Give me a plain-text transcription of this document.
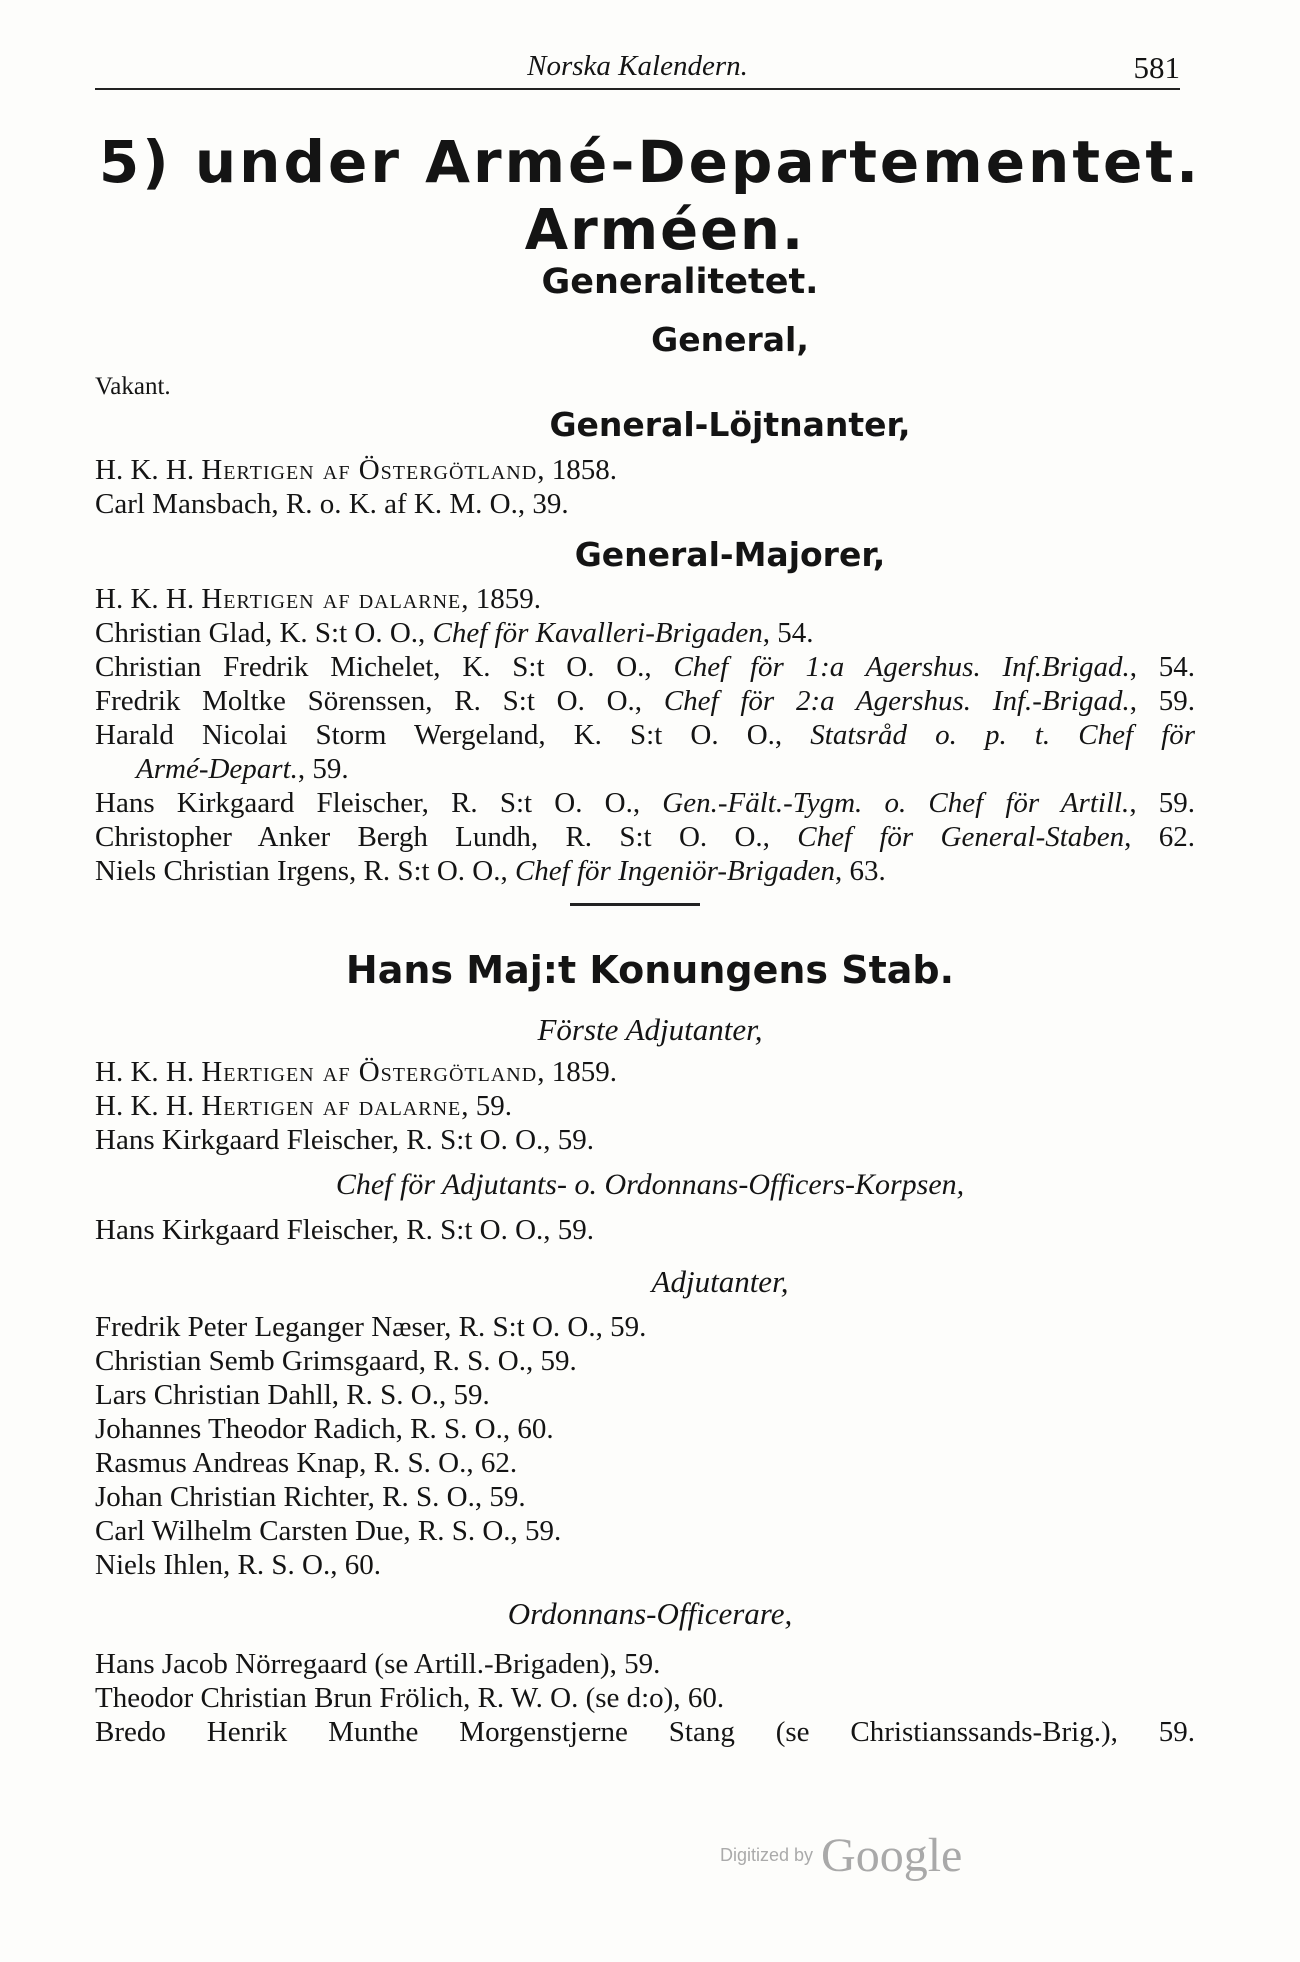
Norska Kalendern.	581
5) under Armé-Departementet.
Arméen.
Generalitetet.
General,
Vakant.
General-Löjtnanter,
H. K. H. Hertigen af Östergötland, 1858.
Carl Mansbach, R. o. K. af K. M. O., 39.
General-Majorer,
H. K. H. Hertigen af dalarne, 1859.
Christian Glad, K. S:t O. O., Chef för Kavalleri-Brigaden, 54.
Christian Fredrik Michelet, K. S:t O. O., Chef för 1:a Agershus. Inf.Brigad., 54.
Fredrik Moltke Sörenssen, R. S:t O. O., Chef för 2:a Agershus. Inf.-Brigad., 59.
Harald Nicolai Storm Wergeland, K. S:t O. O., Statsråd o. p. t. Chef för
Armé-Depart., 59.
Hans Kirkgaard Fleischer, R. S:t O. O., Gen.-Fält.-Tygm. o. Chef för Artill., 59.
Christopher Anker Bergh Lundh, R. S:t O. O., Chef för General-Staben, 62.
Niels Christian Irgens, R. S:t O. O., Chef för Ingeniör-Brigaden, 63.
Hans Maj:t Konungens Stab.
Förste Adjutanter,
H. K. H. Hertigen af Östergötland, 1859.
H. K. H. Hertigen af dalarne, 59.
Hans Kirkgaard Fleischer, R. S:t O. O., 59.
Chef för Adjutants- o. Ordonnans-Officers-Korpsen,
Hans Kirkgaard Fleischer, R. S:t O. O., 59.
Adjutanter,
Fredrik Peter Leganger Næser, R. S:t O. O., 59.
Christian Semb Grimsgaard, R. S. O., 59.
Lars Christian Dahll, R. S. O., 59.
Johannes Theodor Radich, R. S. O., 60.
Rasmus Andreas Knap, R. S. O., 62.
Johan Christian Richter, R. S. O., 59.
Carl Wilhelm Carsten Due, R. S. O., 59.
Niels Ihlen, R. S. O., 60.
Ordonnans-Officerare,
Hans Jacob Nörregaard (se Artill.-Brigaden), 59.
Theodor Christian Brun Frölich, R. W. O. (se d:o), 60.
Bredo Henrik Munthe Morgenstjerne Stang (se Christianssands-Brig.), 59.
Digitized by Google
